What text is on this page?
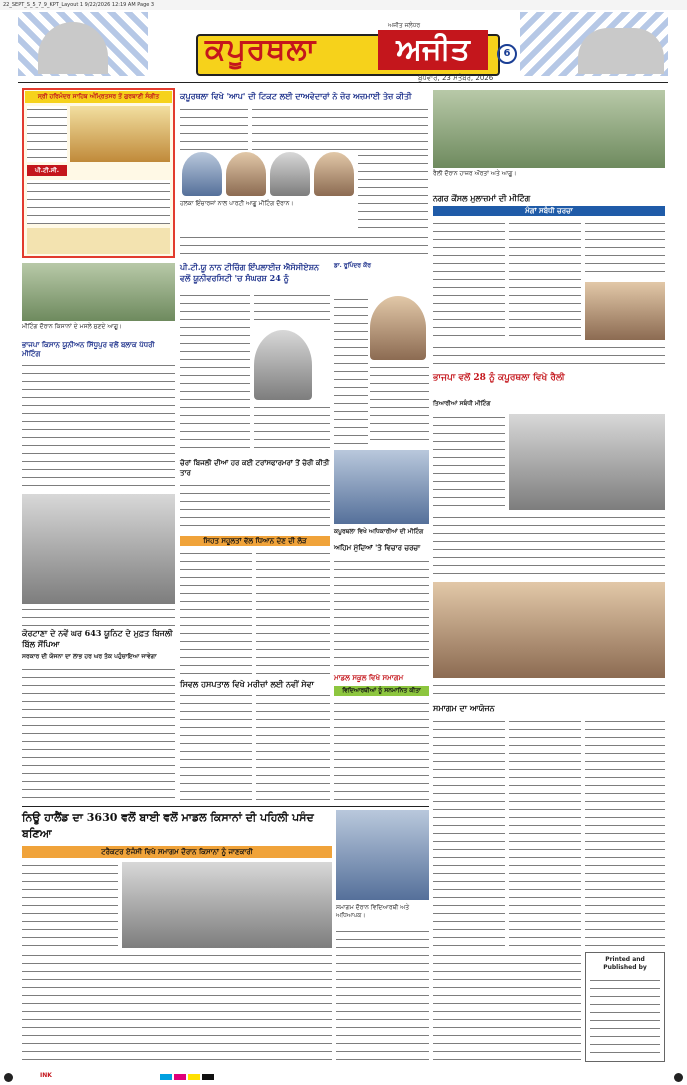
22_SEPT_S_5_7_9_KPT_Layout 1 9/22/2026 12:19 AM Page 3
ਕਪੂਰਥਲਾ	ਅਜੀਤ
ਅਜੀਤ ਜਲੰਧਰ
6
ਬੁੱਧਵਾਰ, 23 ਸਤੰਬਰ, 2026
ਸ੍ਰੀ ਹਰਿਮੰਦਰ ਸਾਹਿਬ ਅੰਮ੍ਰਿਤਸਰ ਤੋਂ ਗੁਰਬਾਣੀ ਸੰਗੀਤ
ਪੀ.ਟੀ.ਸੀ.
ਮੀਟਿੰਗ ਦੌਰਾਨ ਕਿਸਾਨਾਂ ਦੇ ਮਸਲੇ ਸੁਣਦੇ ਆਗੂ।
ਭਾਜਪਾ ਕਿਸਾਨ ਯੂਨੀਅਨ ਸਿੱਧੂਪੁਰ ਵਲੋਂ ਬਲਾਕ ਪੱਧਰੀ ਮੀਟਿੰਗ
ਕੋਰਟਾਣਾ ਦੇ ਨਵੇਂ ਘਰ 643 ਯੂਨਿਟ ਦੇ ਮੁਫ਼ਤ ਬਿਜਲੀ ਬਿੱਲ ਸੌਂਪਿਆ
ਸਰਕਾਰ ਦੀ ਯੋਜਨਾ ਦਾ ਲਾਭ ਹਰ ਘਰ ਤੱਕ ਪਹੁੰਚਾਇਆ ਜਾਵੇਗਾ
ਕਪੂਰਥਲਾ ਵਿਖੇ 'ਆਪ' ਦੀ ਟਿਕਟ ਲਈ ਦਾਅਵੇਦਾਰਾਂ ਨੇ ਜ਼ੋਰ ਅਜ਼ਮਾਈ ਤੇਜ਼ ਕੀਤੀ
ਹਲਕਾ ਇੰਚਾਰਜਾਂ ਨਾਲ ਪਾਰਟੀ ਆਗੂ ਮੀਟਿੰਗ ਦੌਰਾਨ।
ਰੈਲੀ ਦੌਰਾਨ ਹਾਜ਼ਰ ਔਰਤਾਂ ਅਤੇ ਆਗੂ।
ਨਗਰ ਕੌਂਸਲ ਮੁਲਾਜ਼ਮਾਂ ਦੀ ਮੀਟਿੰਗ
ਮੰਗਾਂ ਸਬੰਧੀ ਚਰਚਾ
ਭਾਜਪਾ ਵਲੋਂ 28 ਨੂੰ ਕਪੂਰਥਲਾ ਵਿਖੇ ਰੈਲੀ
ਤਿਆਰੀਆਂ ਸਬੰਧੀ ਮੀਟਿੰਗ
ਪੀ.ਟੀ.ਯੂ ਨਾਨ ਟੀਚਿੰਗ ਇੰਪਲਾਈਜ਼ ਐਸੋਸੀਏਸ਼ਨ ਵਲੋਂ ਯੂਨੀਵਰਸਿਟੀ 'ਚ ਸੰਘਰਸ਼ 24 ਨੂੰ
ਚੋਰਾਂ ਬਿਜਲੀ ਦੀਆਂ ਹਰ ਕਈ ਟਰਾਂਸਫਾਰਮਰਾਂ ਤੋਂ ਚੋਰੀ ਕੀਤੀ ਤਾਰ
ਸਿਹਤ ਸਹੂਲਤਾਂ ਵੱਲ ਧਿਆਨ ਦੇਣ ਦੀ ਲੋੜ
ਸਿਵਲ ਹਸਪਤਾਲ ਵਿਖੇ ਮਰੀਜ਼ਾਂ ਲਈ ਨਵੀਂ ਸੇਵਾ
ਡਾ. ਰੂਪਿੰਦਰ ਕੌਰ
ਕਪੂਰਥਲਾ ਵਿਖੇ ਅਧਿਕਾਰੀਆਂ ਦੀ ਮੀਟਿੰਗ
ਅਹਿਮ ਮੁੱਦਿਆਂ 'ਤੇ ਵਿਚਾਰ ਚਰਚਾ
ਸਮਾਗਮ ਦਾ ਆਯੋਜਨ
Printed and Published by
ਮਾਡਲ ਸਕੂਲ ਵਿਖੇ ਸਮਾਗਮ
ਵਿਦਿਆਰਥੀਆਂ ਨੂੰ ਸਨਮਾਨਿਤ ਕੀਤਾ
ਨਿਊ ਹਾਲੈਂਡ ਦਾ 3630 ਵਲੋਂ ਬਾਈ ਵਲੋਂ ਮਾਡਲ ਕਿਸਾਨਾਂ ਦੀ ਪਹਿਲੀ ਪਸੰਦ ਬਣਿਆ
ਟਰੈਕਟਰ ਏਜੰਸੀ ਵਿਖੇ ਸਮਾਗਮ ਦੌਰਾਨ ਕਿਸਾਨਾਂ ਨੂੰ ਜਾਣਕਾਰੀ
ਸਮਾਗਮ ਦੌਰਾਨ ਵਿਦਿਆਰਥੀ ਅਤੇ ਅਧਿਆਪਕ।
INK
